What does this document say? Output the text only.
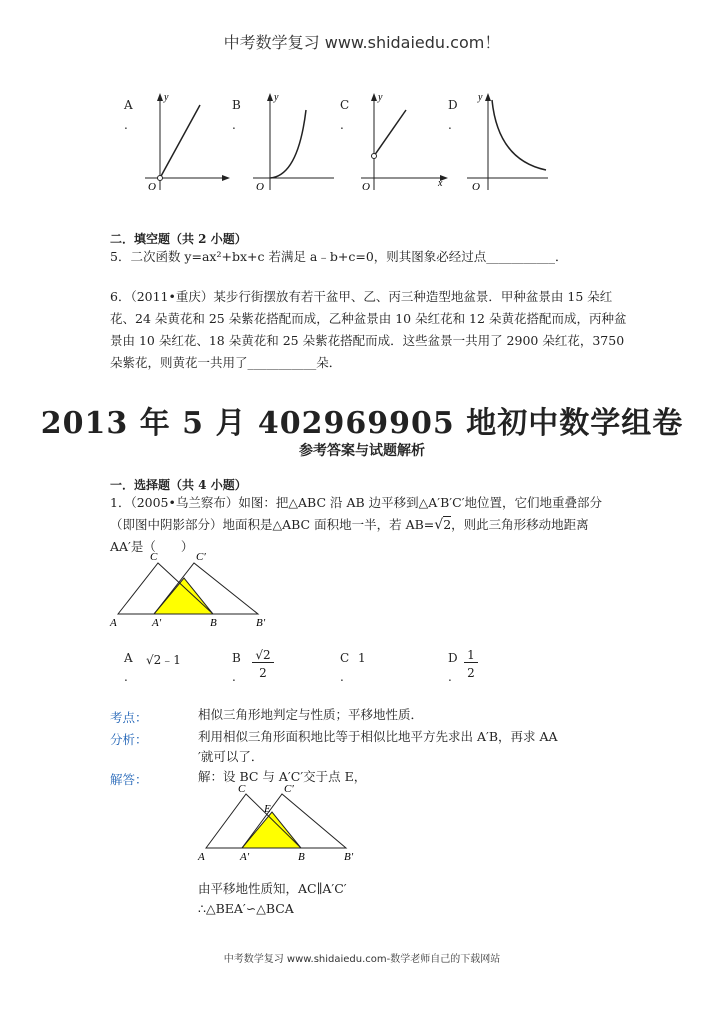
中考数学复习 www.shidaiedu.com！
A
.
B
.
C
.
D
.
O
y
O
y
O
y
x	O
y
二．填空题（共 2 小题）
5．二次函数 y=ax²+bx+c 若满足 a﹣b+c=0，则其图象必经过点___________．
6．（2011•重庆）某步行街摆放有若干盆甲、乙、丙三种造型地盆景．甲种盆景由 15 朵红
花、24 朵黄花和 25 朵紫花搭配而成，乙种盆景由 10 朵红花和 12 朵黄花搭配而成，丙种盆
景由 10 朵红花、18 朵黄花和 25 朵紫花搭配而成．这些盆景一共用了 2900 朵红花，3750
朵紫花，则黄花一共用了___________朵．
2013 年 5 月 402969905 地初中数学组卷
参考答案与试题解析
一．选择题（共 4 小题）
1．（2005•乌兰察布）如图：把△ABC 沿 AB 边平移到△A′B′C′地位置，它们地重叠部分
（即图中阴影部分）地面积是△ABC 面积地一半，若 AB=√2，则此三角形移动地距离
AA′是（　　）
A	A′	B	B′
C	C′
A
.
√2﹣1	B
.
√2
2
C
.
1	D
.
1
2
考点：	相似三角形地判定与性质；平移地性质．
分析：	利用相似三角形面积地比等于相似比地平方先求出 A′B，再求 AA
′就可以了．
解答：	解：设 BC 与 A′C′交于点 E，
A	A′	B	B′
C	C′
E
由平移地性质知，AC∥A′C′
∴△BEA′∽△BCA
中考数学复习 www.shidaiedu.com-数学老师自己的下载网站
